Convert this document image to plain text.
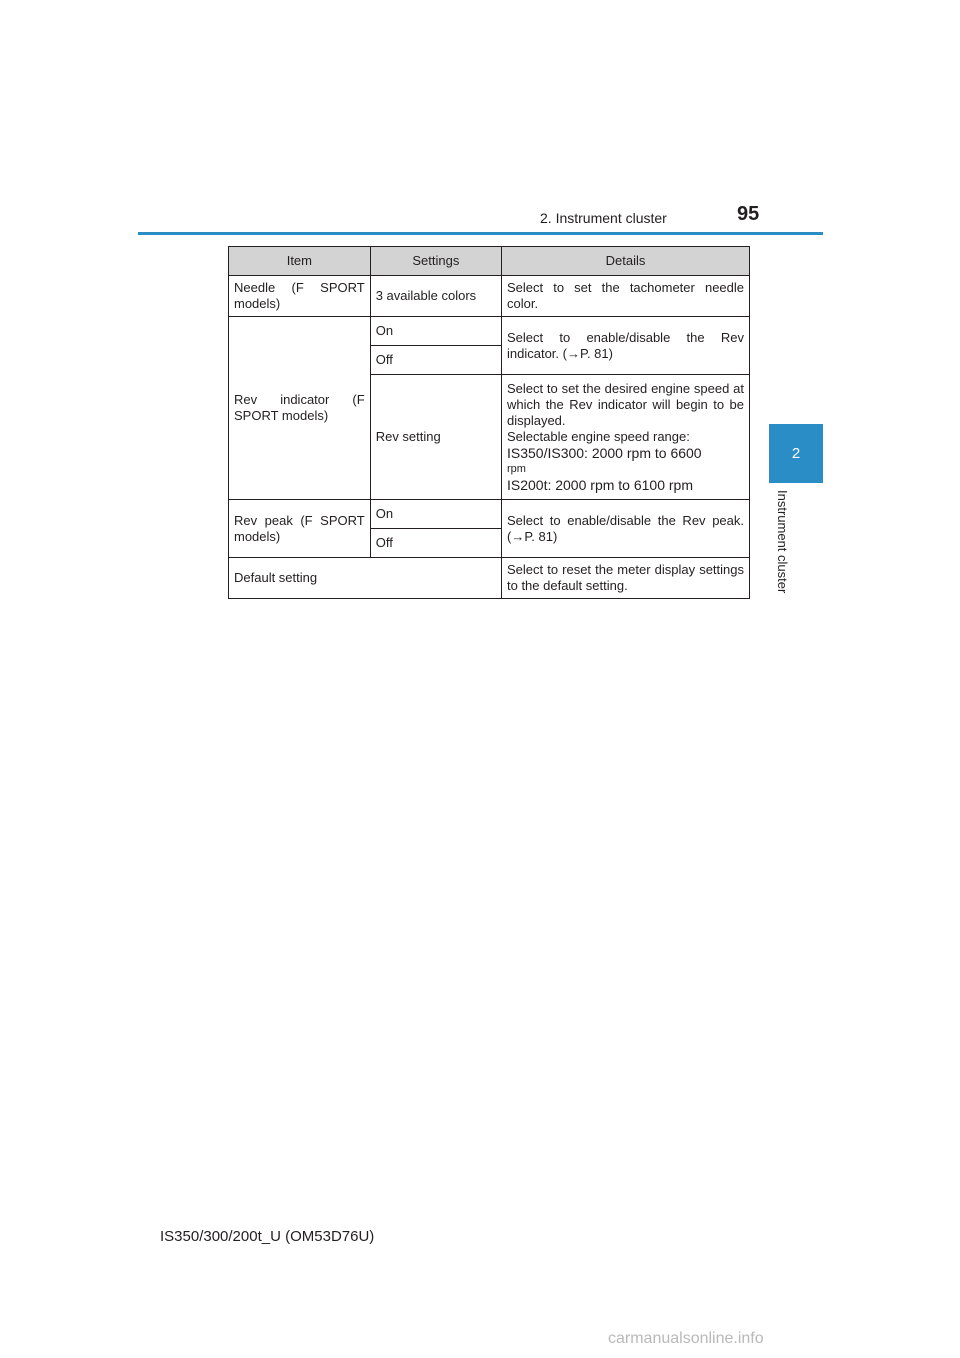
2. Instrument cluster	95
2
Instrument cluster
Item	Settings	Details
Needle (F SPORT models)	3 available colors	Select to set the tachometer needle color.
Rev indicator (F SPORT models)	On	Select to enable/disable the Rev indicator. (→P. 81)
	Off	
	Rev setting	Select to set the desired engine speed at which the Rev indicator will begin to be displayed.
Selectable engine speed range:
IS350/IS300: 2000 rpm to 6600
rpm
IS200t: 2000 rpm to 6100 rpm

Rev peak (F SPORT models)	On	Select to enable/disable the Rev peak. (→P. 81)
	Off	
Default setting		Select to reset the meter display settings to the default setting.
IS350/300/200t_U (OM53D76U)
carmanualsonline.info
